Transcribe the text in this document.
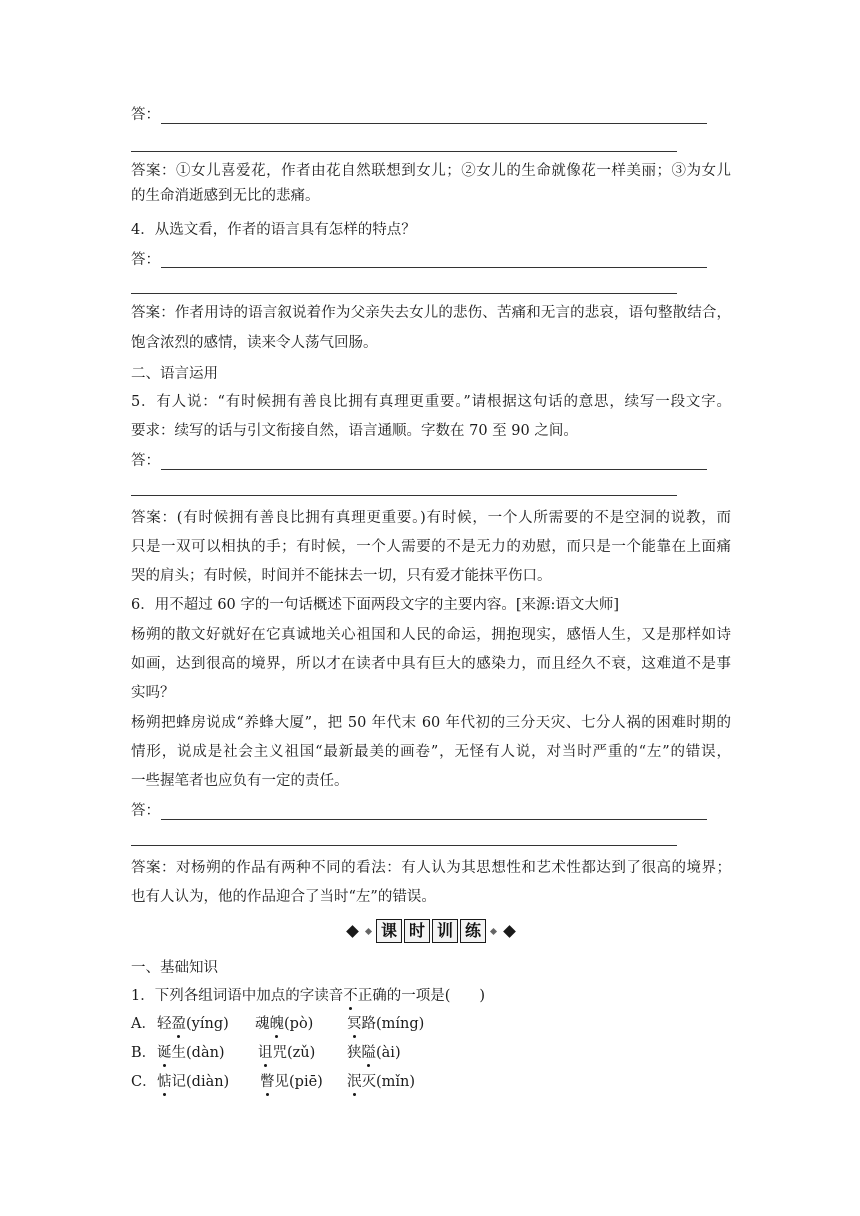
答：
答案：①女儿喜爱花，作者由花自然联想到女儿；②女儿的生命就像花一样美丽；③为女儿
的生命消逝感到无比的悲痛。
4．从选文看，作者的语言具有怎样的特点？
答：
答案：作者用诗的语言叙说着作为父亲失去女儿的悲伤、苦痛和无言的悲哀，语句整散结合，
饱含浓烈的感情，读来令人荡气回肠。
二、语言运用
5．有人说：“有时候拥有善良比拥有真理更重要。”请根据这句话的意思，续写一段文字。
要求：续写的话与引文衔接自然，语言通顺。字数在 70 至 90 之间。
答：
答案：(有时候拥有善良比拥有真理更重要。)有时候，一个人所需要的不是空洞的说教，而
只是一双可以相执的手；有时候，一个人需要的不是无力的劝慰，而只是一个能靠在上面痛
哭的肩头；有时候，时间并不能抹去一切，只有爱才能抹平伤口。
6．用不超过 60 字的一句话概述下面两段文字的主要内容。[来源:语文大师]
杨朔的散文好就好在它真诚地关心祖国和人民的命运，拥抱现实，感悟人生，又是那样如诗
如画，达到很高的境界，所以才在读者中具有巨大的感染力，而且经久不衰，这难道不是事
实吗？
杨朔把蜂房说成“养蜂大厦”，把 50 年代末 60 年代初的三分天灾、七分人祸的困难时期的
情形，说成是社会主义祖国“最新最美的画卷”，无怪有人说，对当时严重的“左”的错误，
一些握笔者也应负有一定的责任。
答：
答案：对杨朔的作品有两种不同的看法：有人认为其思想性和艺术性都达到了很高的境界；
也有人认为，他的作品迎合了当时“左”的错误。
课 时 训 练
一、基础知识
1．下列各组词语中加点的字读音不正确的一项是(　　)
A． 轻盈(yíng) 魂魄(pò) 冥路(míng)
B． 诞生(dàn) 诅咒(zǔ) 狭隘(ài)
C． 惦记(diàn) 瞥见(piē) 泯灭(mǐn)
